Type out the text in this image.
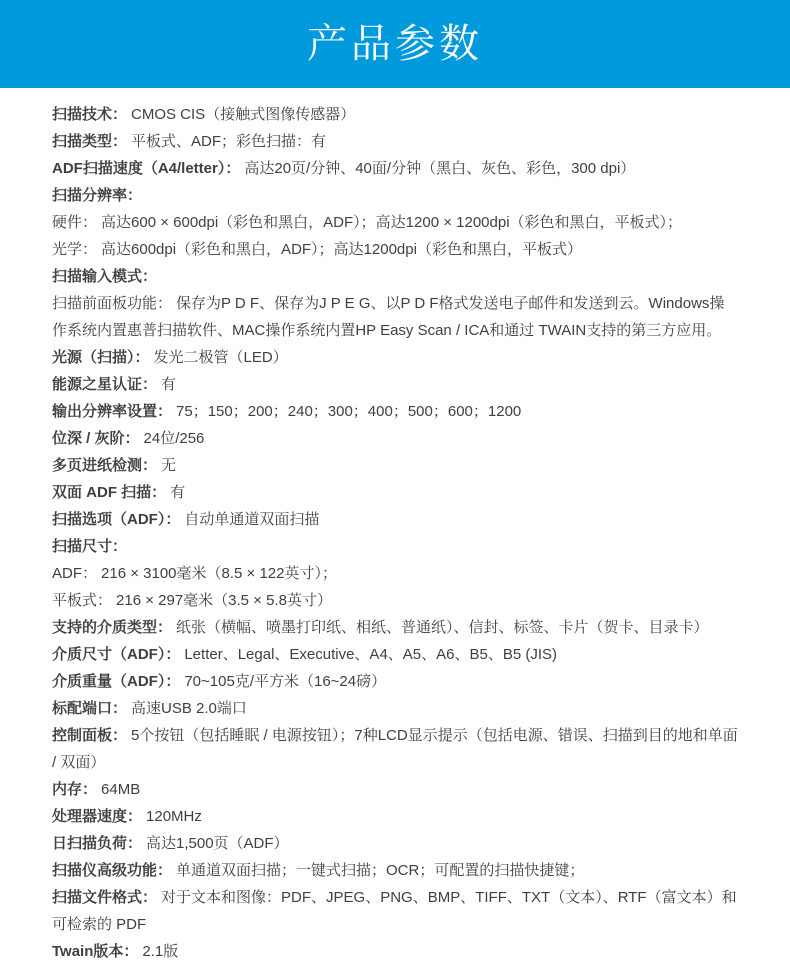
产品参数

扫描技术： CMOS CIS（接触式图像传感器）

扫描类型： 平板式、ADF；彩色扫描：有

ADF扫描速度（A4/letter）： 高达20页/分钟、40面/分钟（黑白、灰色、彩色，300 dpi）

扫描分辨率：

硬件： 高达600 × 600dpi（彩色和黑白，ADF）；高达1200 × 1200dpi（彩色和黑白，平板式）；

光学： 高达600dpi（彩色和黑白，ADF）；高达1200dpi（彩色和黑白，平板式）

扫描输入模式：

扫描前面板功能： 保存为P D F、保存为J P E G、以P D F格式发送电子邮件和发送到云。Windows操作系统内置惠普扫描软件、MAC操作系统内置HP Easy Scan / ICA和通过 TWAIN支持的第三方应用。

光源（扫描）： 发光二极管（LED）

能源之星认证： 有

输出分辨率设置： 75；150；200；240；300；400；500；600；1200

位深 / 灰阶： 24位/256

多页进纸检测： 无

双面 ADF 扫描： 有

扫描选项（ADF）： 自动单通道双面扫描

扫描尺寸：

ADF： 216 × 3100毫米（8.5 × 122英寸）；

平板式： 216 × 297毫米（3.5 × 5.8英寸）

支持的介质类型： 纸张（横幅、喷墨打印纸、相纸、普通纸）、信封、标签、卡片（贺卡、目录卡）

介质尺寸（ADF）： Letter、Legal、Executive、A4、A5、A6、B5、B5 (JIS)

介质重量（ADF）： 70~105克/平方米（16~24磅）

标配端口： 高速USB 2.0端口

控制面板： 5个按钮（包括睡眠 / 电源按钮）；7种LCD显示提示（包括电源、错误、扫描到目的地和单面 / 双面）

内存： 64MB

处理器速度： 120MHz

日扫描负荷： 高达1,500页（ADF）

扫描仪高级功能： 单通道双面扫描；一键式扫描；OCR；可配置的扫描快捷键；

扫描文件格式： 对于文本和图像：PDF、JPEG、PNG、BMP、TIFF、TXT（文本）、RTF（富文本）和可检索的 PDF

Twain版本： 2.1版
